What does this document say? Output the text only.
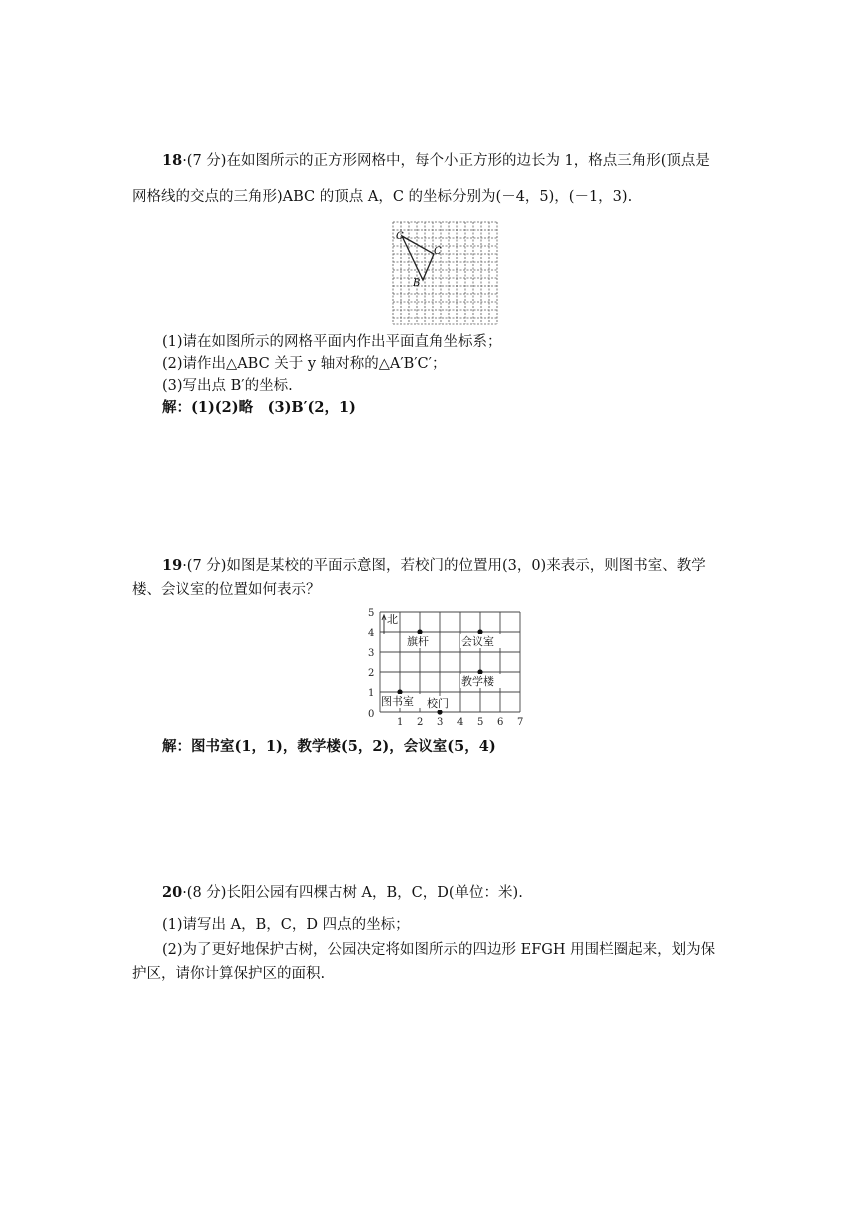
18·(7 分)在如图所示的正方形网格中，每个小正方形的边长为 1，格点三角形(顶点是
网格线的交点的三角形)ABC 的顶点 A，C 的坐标分别为(－4，5)，(－1，3).
C
C
B
(1)请在如图所示的网格平面内作出平面直角坐标系；
(2)请作出△ABC 关于 y 轴对称的△A′B′C′；
(3)写出点 B′的坐标.
解：(1)(2)略　(3)B′(2，1)
19·(7 分)如图是某校的平面示意图，若校门的位置用(3，0)来表示，则图书室、教学
楼、会议室的位置如何表示？
北
5
4
3
2
1
0
1 2 3 4 5 6 7
旗杆	会议室
教学楼
图书室 校门
解：图书室(1，1)，教学楼(5，2)，会议室(5，4)
20·(8 分)长阳公园有四棵古树 A，B，C，D(单位：米).
(1)请写出 A，B，C，D 四点的坐标；
(2)为了更好地保护古树，公园决定将如图所示的四边形 EFGH 用围栏圈起来，划为保
护区，请你计算保护区的面积.
